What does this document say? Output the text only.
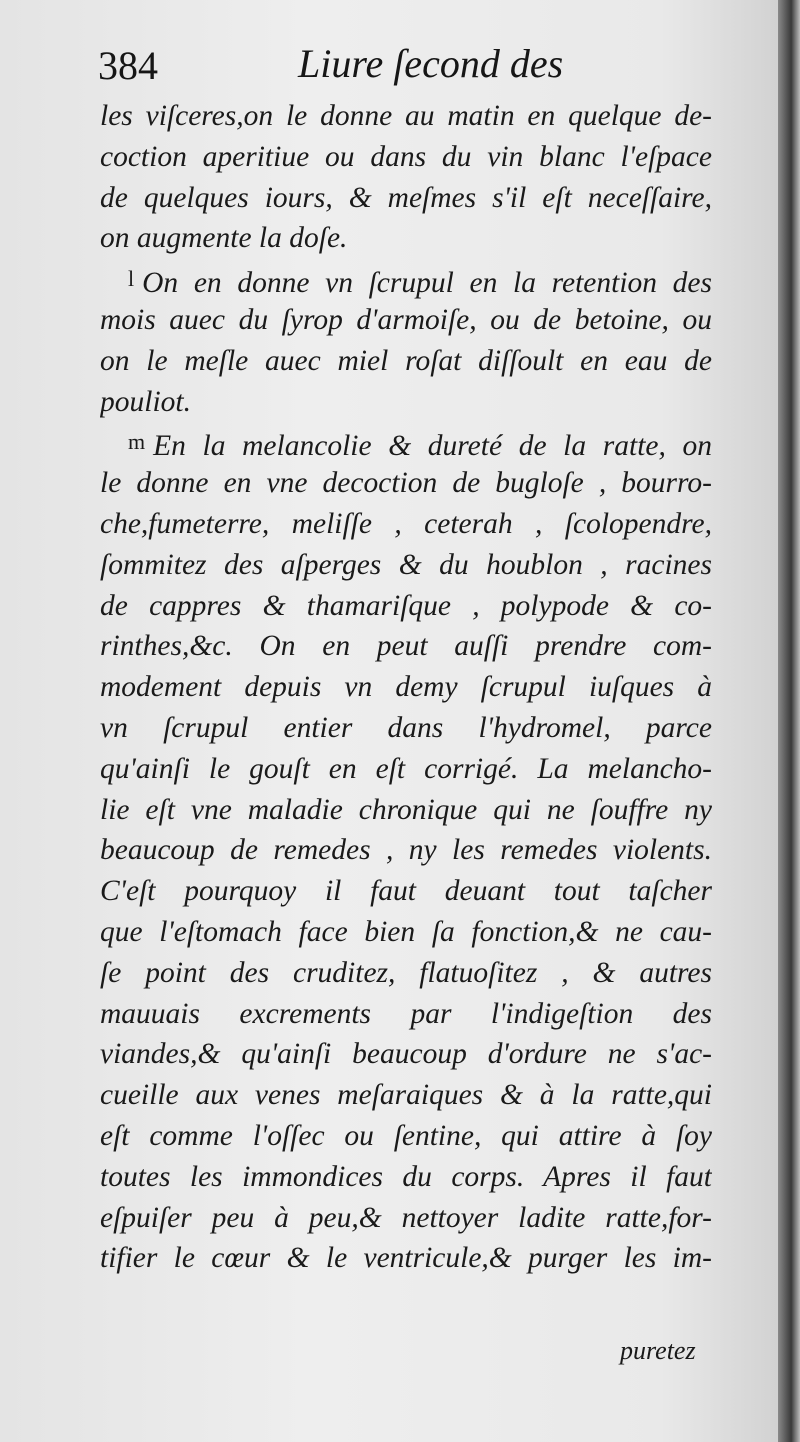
384	Liure ſecond des
les viſceres,on le donne au matin en quelque de-
coction aperitiue ou dans du vin blanc l'eſpace
de quelques iours, & meſmes s'il eſt neceſſaire,
on augmente la doſe.
$^l$ On en donne vn ſcrupul en la retention des
mois auec du ſyrop d'armoiſe, ou de betoine, ou
on le meſle auec miel roſat diſſoult en eau de
pouliot.
$^m$ En la melancolie & dureté de la ratte, on
le donne en vne decoction de bugloſe , bourro-
che,fumeterre, meliſſe , ceterah , ſcolopendre,
ſommitez des aſperges & du houblon , racines
de cappres & thamariſque , polypode & co-
rinthes,&c. On en peut auſſi prendre com-
modement depuis vn demy ſcrupul iuſques à
vn ſcrupul entier dans l'hydromel, parce
qu'ainſi le gouſt en eſt corrigé. La melancho-
lie eſt vne maladie chronique qui ne ſouffre ny
beaucoup de remedes , ny les remedes violents.
C'eſt pourquoy il faut deuant tout taſcher
que l'eſtomach face bien ſa fonction,& ne cau-
ſe point des cruditez, flatuoſitez , & autres
mauuais excrements par l'indigeſtion des
viandes,& qu'ainſi beaucoup d'ordure ne s'ac-
cueille aux venes meſaraiques & à la ratte,qui
eſt comme l'oſſec ou ſentine, qui attire à ſoy
toutes les immondices du corps. Apres il faut
eſpuiſer peu à peu,& nettoyer ladite ratte,for-
tifier le cœur & le ventricule,& purger les im-
puretez
